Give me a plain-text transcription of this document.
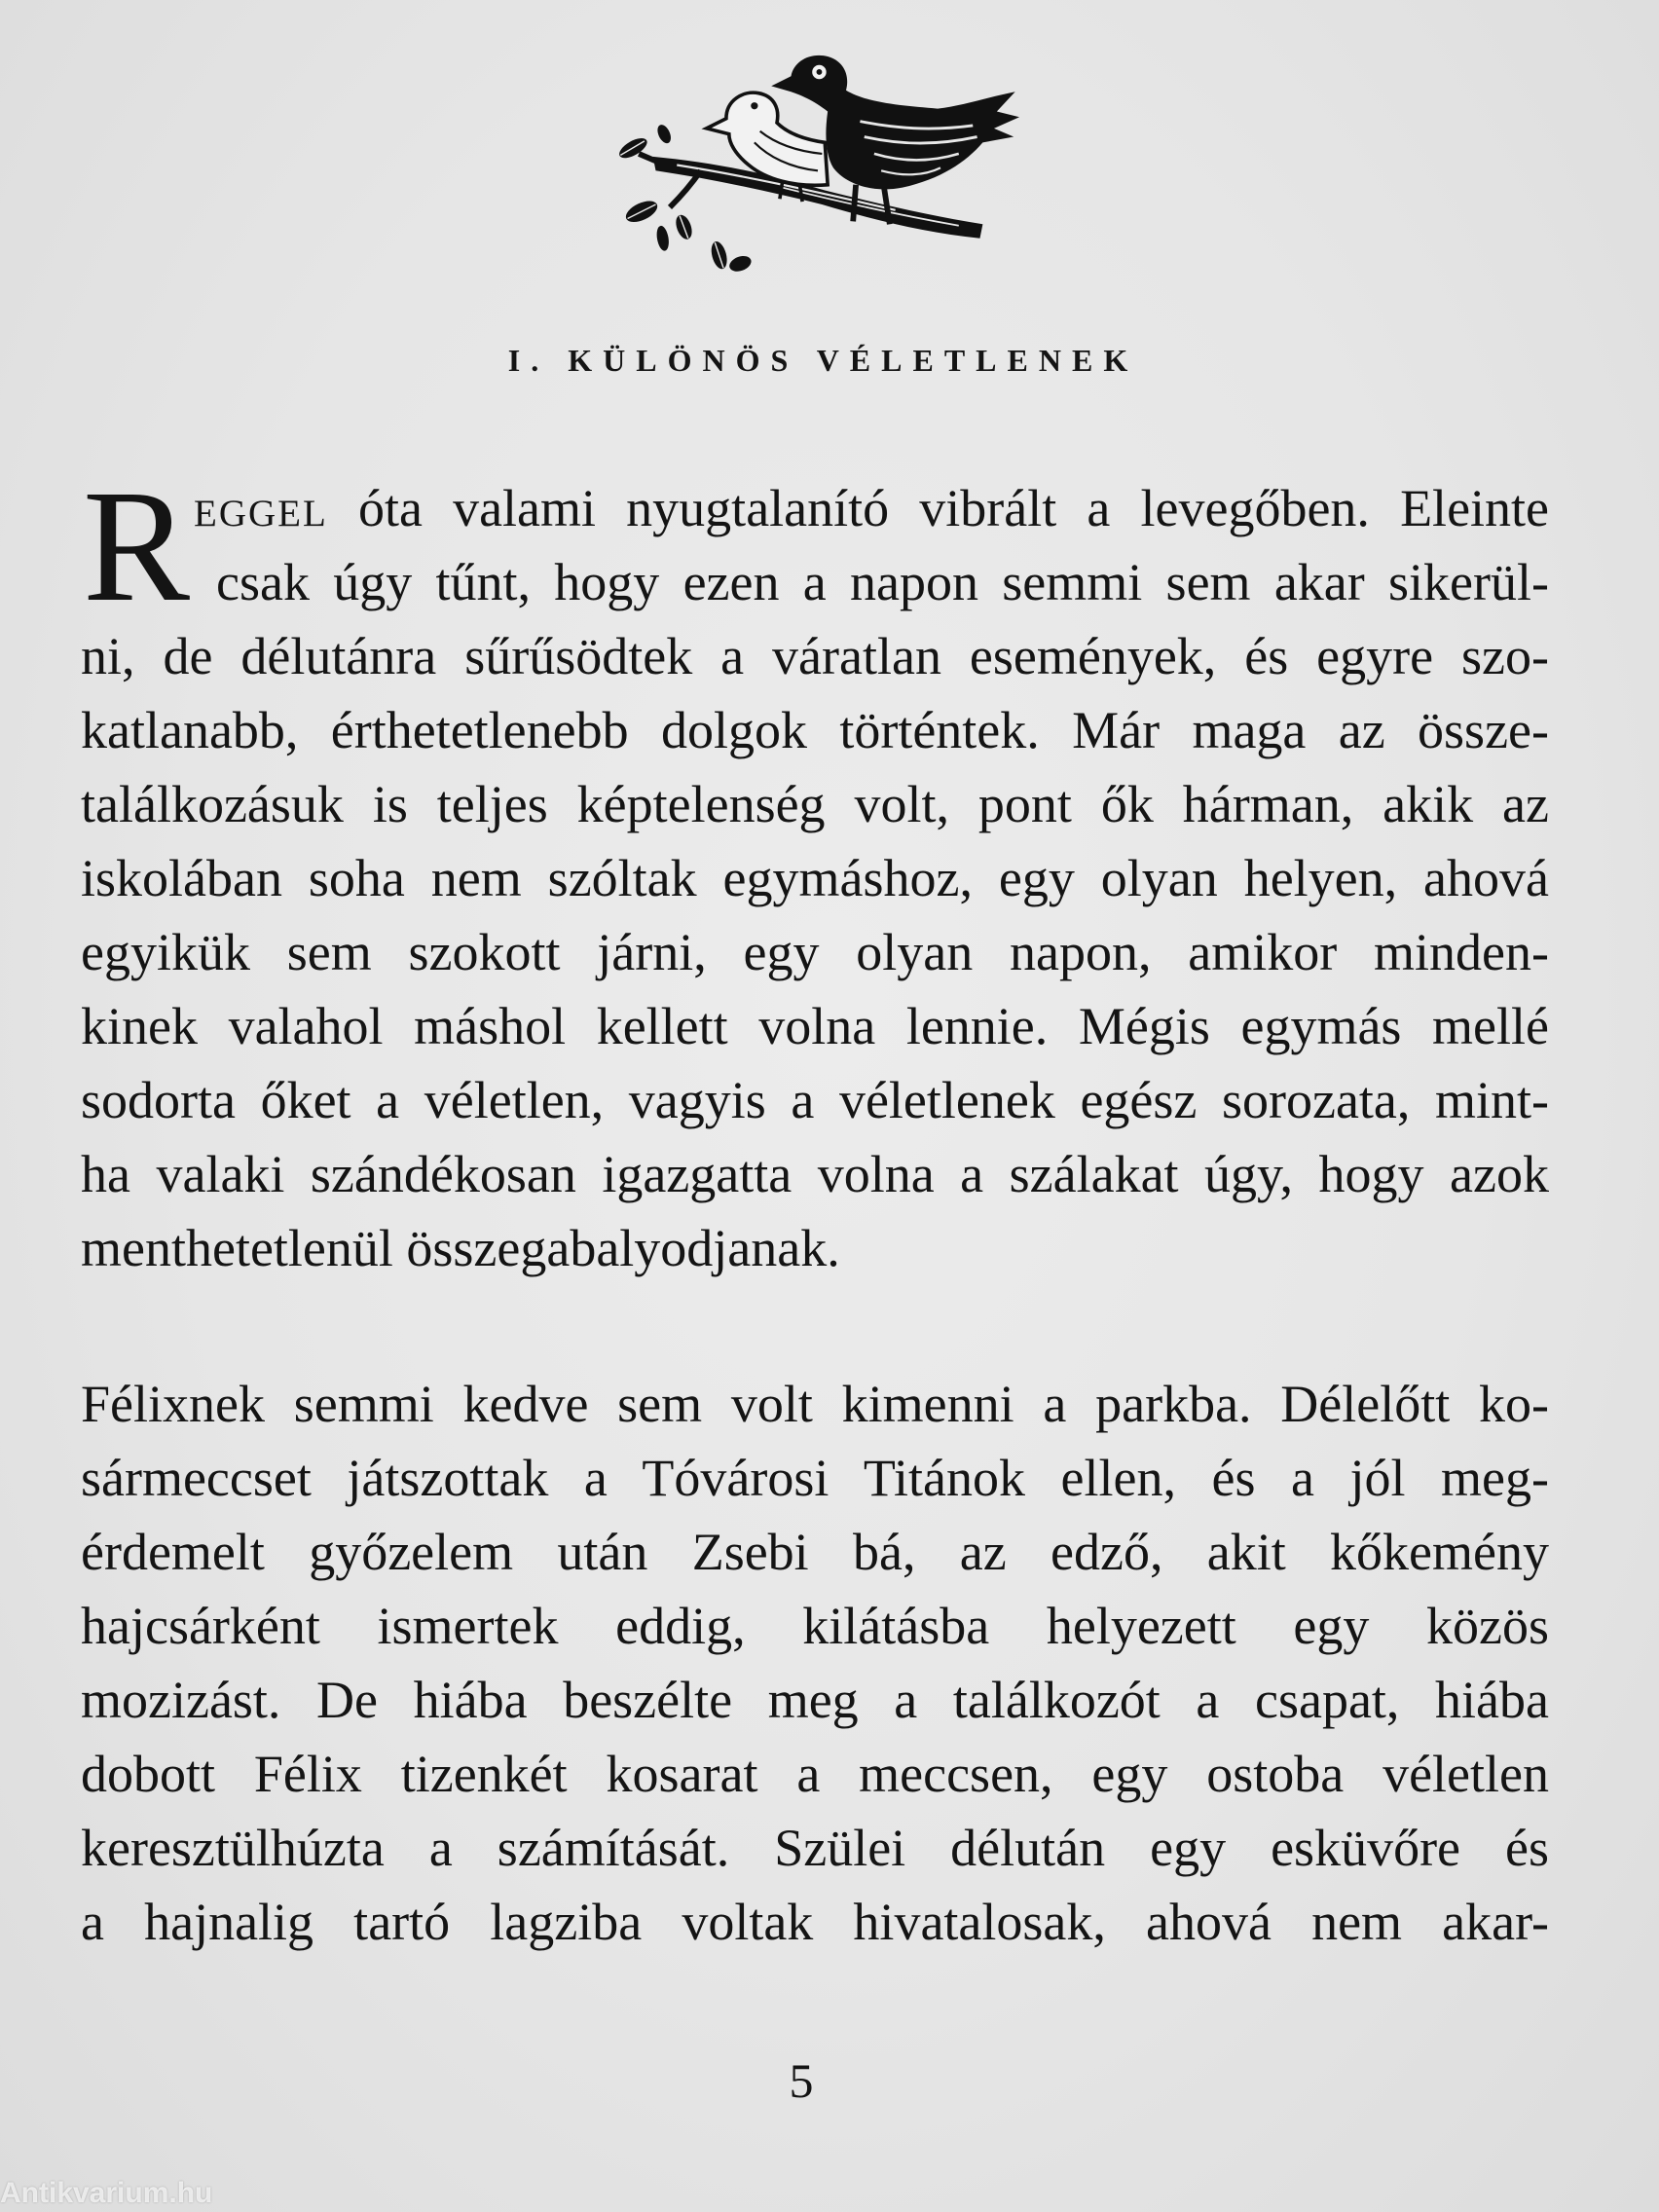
I. KÜLÖNÖS VÉLETLENEK
R EGGEL óta valami nyugtalanító vibrált a levegőben. Eleinte
csak úgy tűnt, hogy ezen a napon semmi sem akar sikerül-
ni, de délutánra sűrűsödtek a váratlan események, és egyre szo-
katlanabb, érthetetlenebb dolgok történtek. Már maga az össze-
találkozásuk is teljes képtelenség volt, pont ők hárman, akik az
iskolában soha nem szóltak egymáshoz, egy olyan helyen, ahová
egyikük sem szokott járni, egy olyan napon, amikor minden-
kinek valahol máshol kellett volna lennie. Mégis egymás mellé
sodorta őket a véletlen, vagyis a véletlenek egész sorozata, mint-
ha valaki szándékosan igazgatta volna a szálakat úgy, hogy azok
menthetetlenül összegabalyodjanak.
Félixnek semmi kedve sem volt kimenni a parkba. Délelőtt ko-
sármeccset játszottak a Tóvárosi Titánok ellen, és a jól meg-
érdemelt győzelem után Zsebi bá, az edző, akit kőkemény
hajcsárként ismertek eddig, kilátásba helyezett egy közös
mozizást. De hiába beszélte meg a találkozót a csapat, hiába
dobott Félix tizenkét kosarat a meccsen, egy ostoba véletlen
keresztülhúzta a számítását. Szülei délután egy esküvőre és
a hajnalig tartó lagziba voltak hivatalosak, ahová nem akar-
5
Antikvarium.hu
